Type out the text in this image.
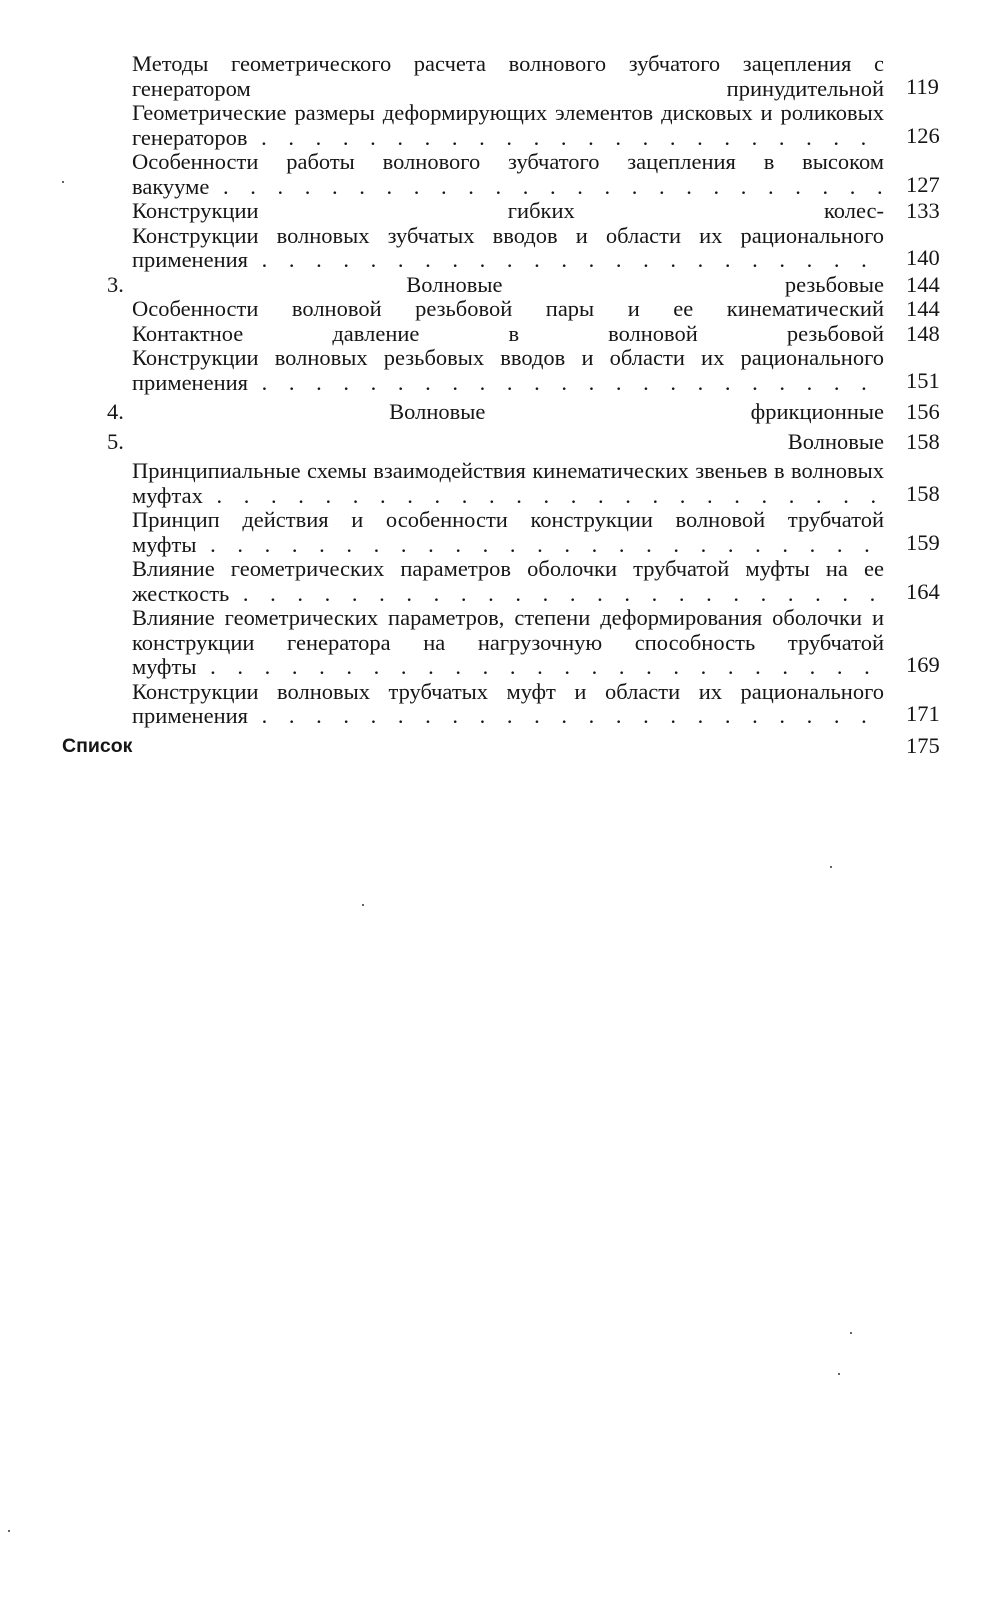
Методы геометрического расчета волнового зубчатого зацепления с генератором принудительной . . . 119
Геометрические размеры деформирующих элементов дисковых и роликовых генераторов . . .	126
Особенности работы волнового зубчатого зацепления в высоком вакууме . . .	127
Конструкции гибких колес- . . . 133
Конструкции волновых зубчатых вводов и области их рационального применения . . .	140
3. Волновые резьбовые . . . 144
Особенности волновой резьбовой пары и ее кинематический . . . 144
Контактное давление в волновой резьбовой . . . 148
Конструкции волновых резьбовых вводов и области их рационального применения . . .	151
4. Волновые фрикционные . . . 156
5. Волновые . . . 158
Принципиальные схемы взаимодействия кинематических звеньев в волновых муфтах . . .	158
Принцип действия и особенности конструкции волновой трубчатой муфты . . .	159
Влияние геометрических параметров оболочки трубчатой муфты на ее жесткость . . .	164
Влияние геометрических параметров, степени деформирования оболочки и конструкции генератора на нагрузочную способность трубчатой муфты . . .	169
Конструкции волновых трубчатых муфт и области их рационального применения . . .	171
Список . . .	175
